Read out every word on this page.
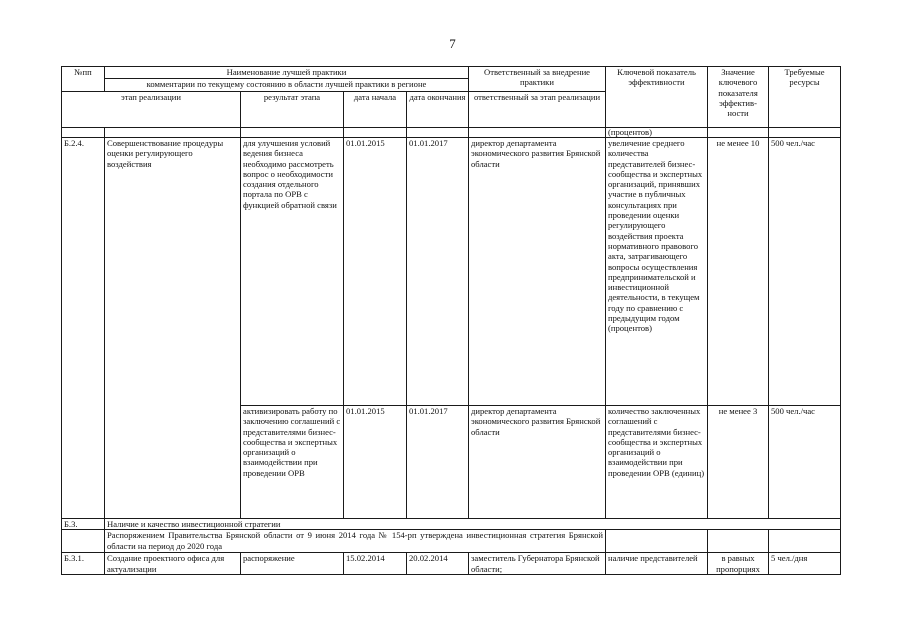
7
№пп	Наименование лучшей практики				Ответственный за внедрение практики	Ключевой показатель эффективности	Значение ключевого показателя эффектив-ности	Требуемые ресурсы
	комментарии по текущему состоянию в области лучшей практики в регионе							
этап реализации		результат этапа	дата начала	дата окончания	ответственный за этап реализации			
						(процентов)		
Б.2.4.	Совершенствование процедуры оценки регулирующего воздействия	для улучшения условий ведения бизнеса необходимо рассмотреть вопрос о необходимости создания отдельного портала по ОРВ с функцией обратной связи	01.01.2015	01.01.2017	директор департамента экономического развития Брянской области	увеличение среднего количества представителей бизнес-сообщества и экспертных организаций, принявших участие в публичных консультациях при проведении оценки регулирующего воздействия проекта нормативного правового акта, затрагивающего вопросы осуществления предпринимательской и инвестиционной деятельности, в текущем году по сравнению с предыдущим годом (процентов)	не менее 10	500 чел./час
		активизировать работу по заключению соглашений с представителями бизнес-сообщества и экспертных организаций о взаимодействии при проведении ОРВ	01.01.2015	01.01.2017	директор департамента экономического развития Брянской области	количество заключенных соглашений с представителями бизнес-сообщества и экспертных организаций о взаимодействии при проведении ОРВ (единиц)	не менее 3	500 чел./час
Б.3.	Наличие и качество инвестиционной стратегии							
	Распоряжением Правительства Брянской области от 9 июня 2014 года № 154-рп утверждена инвестиционная стратегия Брянской области на период до 2020 года							
Б.3.1.	Создание проектного офиса для актуализации	распоряжение	15.02.2014	20.02.2014	заместитель Губернатора Брянской области;	наличие представителей	в равных пропорциях	5 чел./дня
